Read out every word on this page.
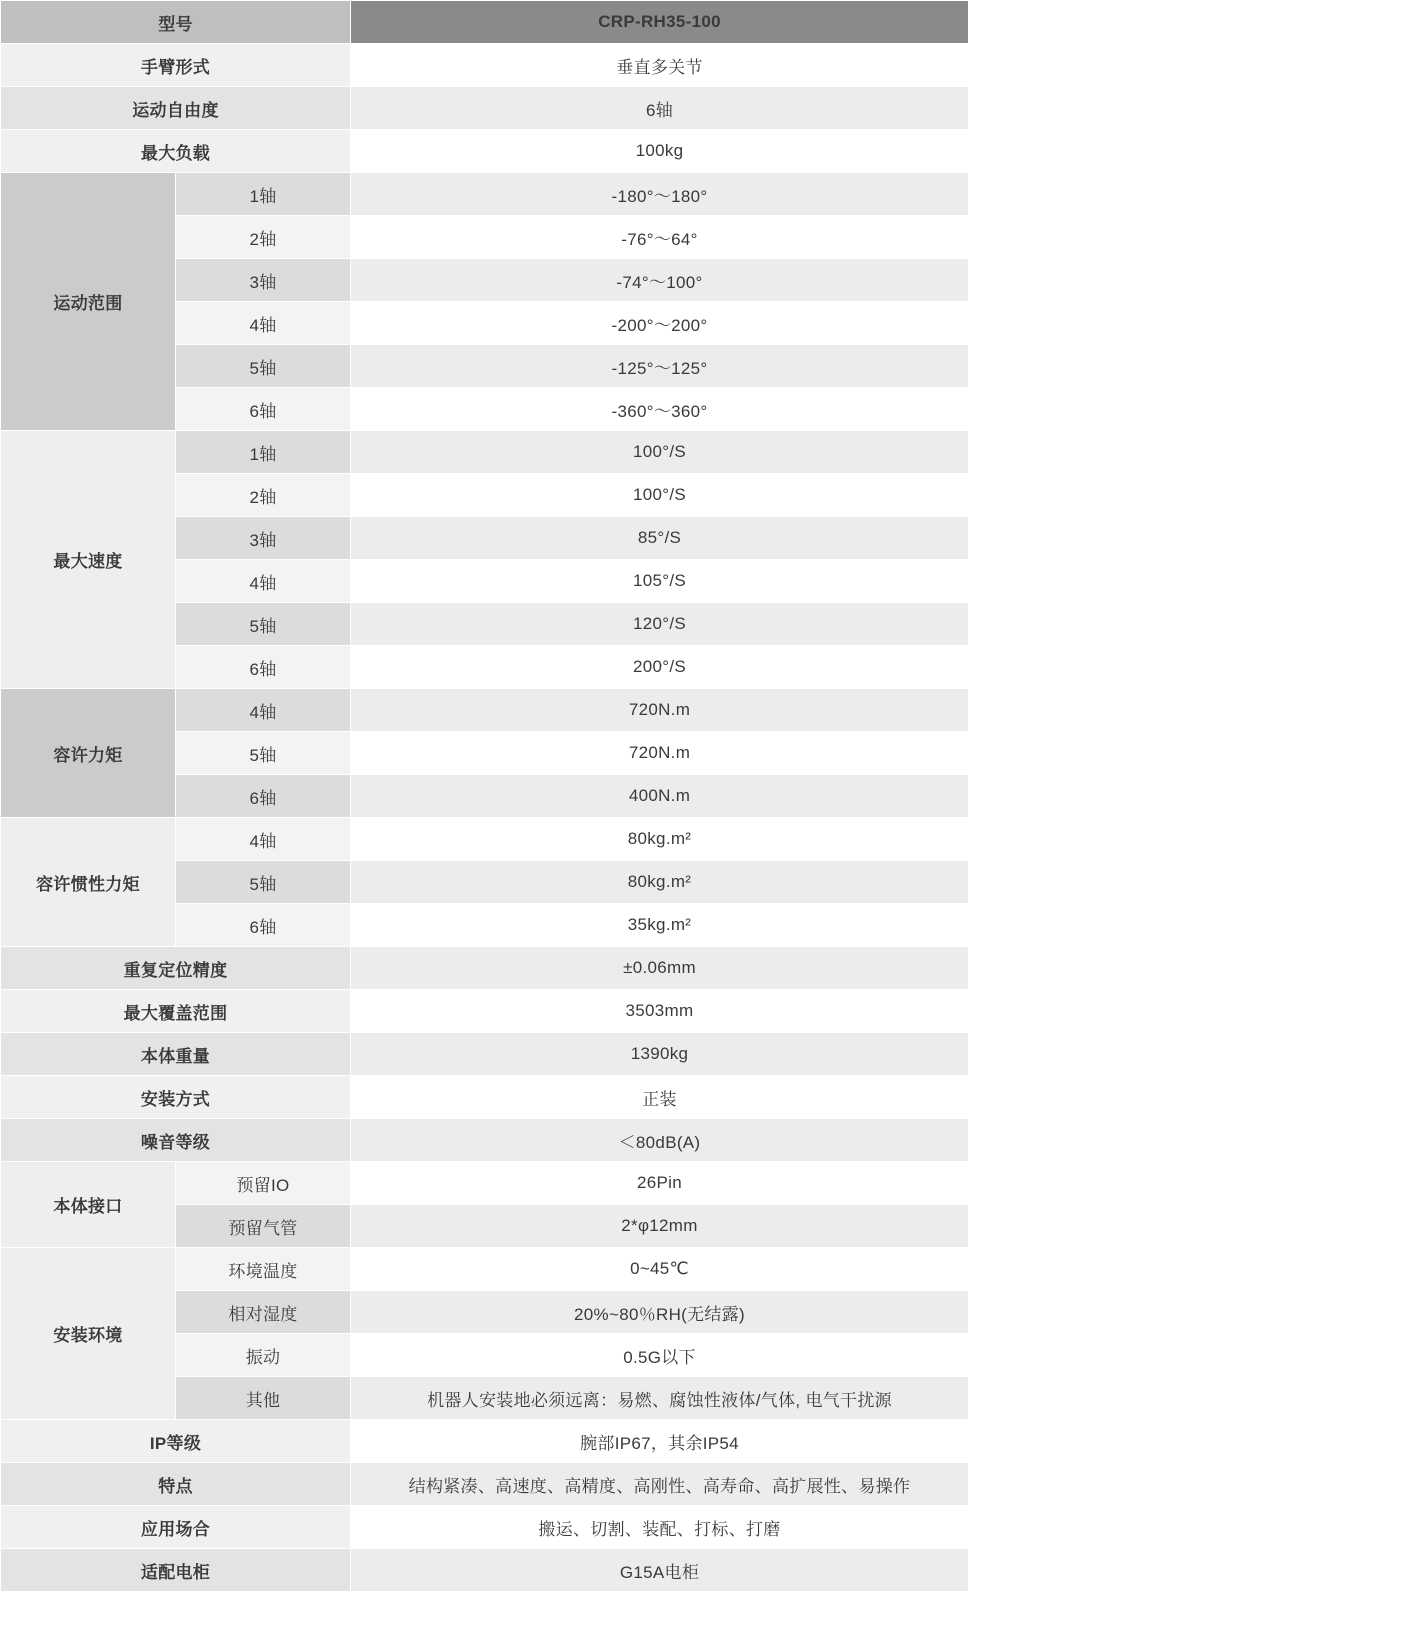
型号		CRP-RH35-100
手臂形式		垂直多关节
运动自由度		6轴
最大负载		100kg
运动范围	1轴	-180°～180°
	2轴	-76°～64°
	3轴	-74°～100°
	4轴	-200°～200°
	5轴	-125°～125°
	6轴	-360°～360°
最大速度	1轴	100°/S
	2轴	100°/S
	3轴	85°/S
	4轴	105°/S
	5轴	120°/S
	6轴	200°/S
容许力矩	4轴	720N.m
	5轴	720N.m
	6轴	400N.m
容许惯性力矩	4轴	80kg.m²
	5轴	80kg.m²
	6轴	35kg.m²
重复定位精度		±0.06mm
最大覆盖范围		3503mm
本体重量		1390kg
安装方式		正装
噪音等级		＜80dB(A)
本体接口	预留IO	26Pin
	预留气管	2*φ12mm
安装环境	环境温度	0~45℃
	相对湿度	20%~80％RH(无结露)
	振动	0.5G以下
	其他	机器人安装地必须远离：易燃、腐蚀性液体/气体, 电气干扰源
IP等级		腕部IP67，其余IP54
特点		结构紧凑、高速度、高精度、高刚性、高寿命、高扩展性、易操作
应用场合		搬运、切割、装配、打标、打磨
适配电柜		G15A电柜
